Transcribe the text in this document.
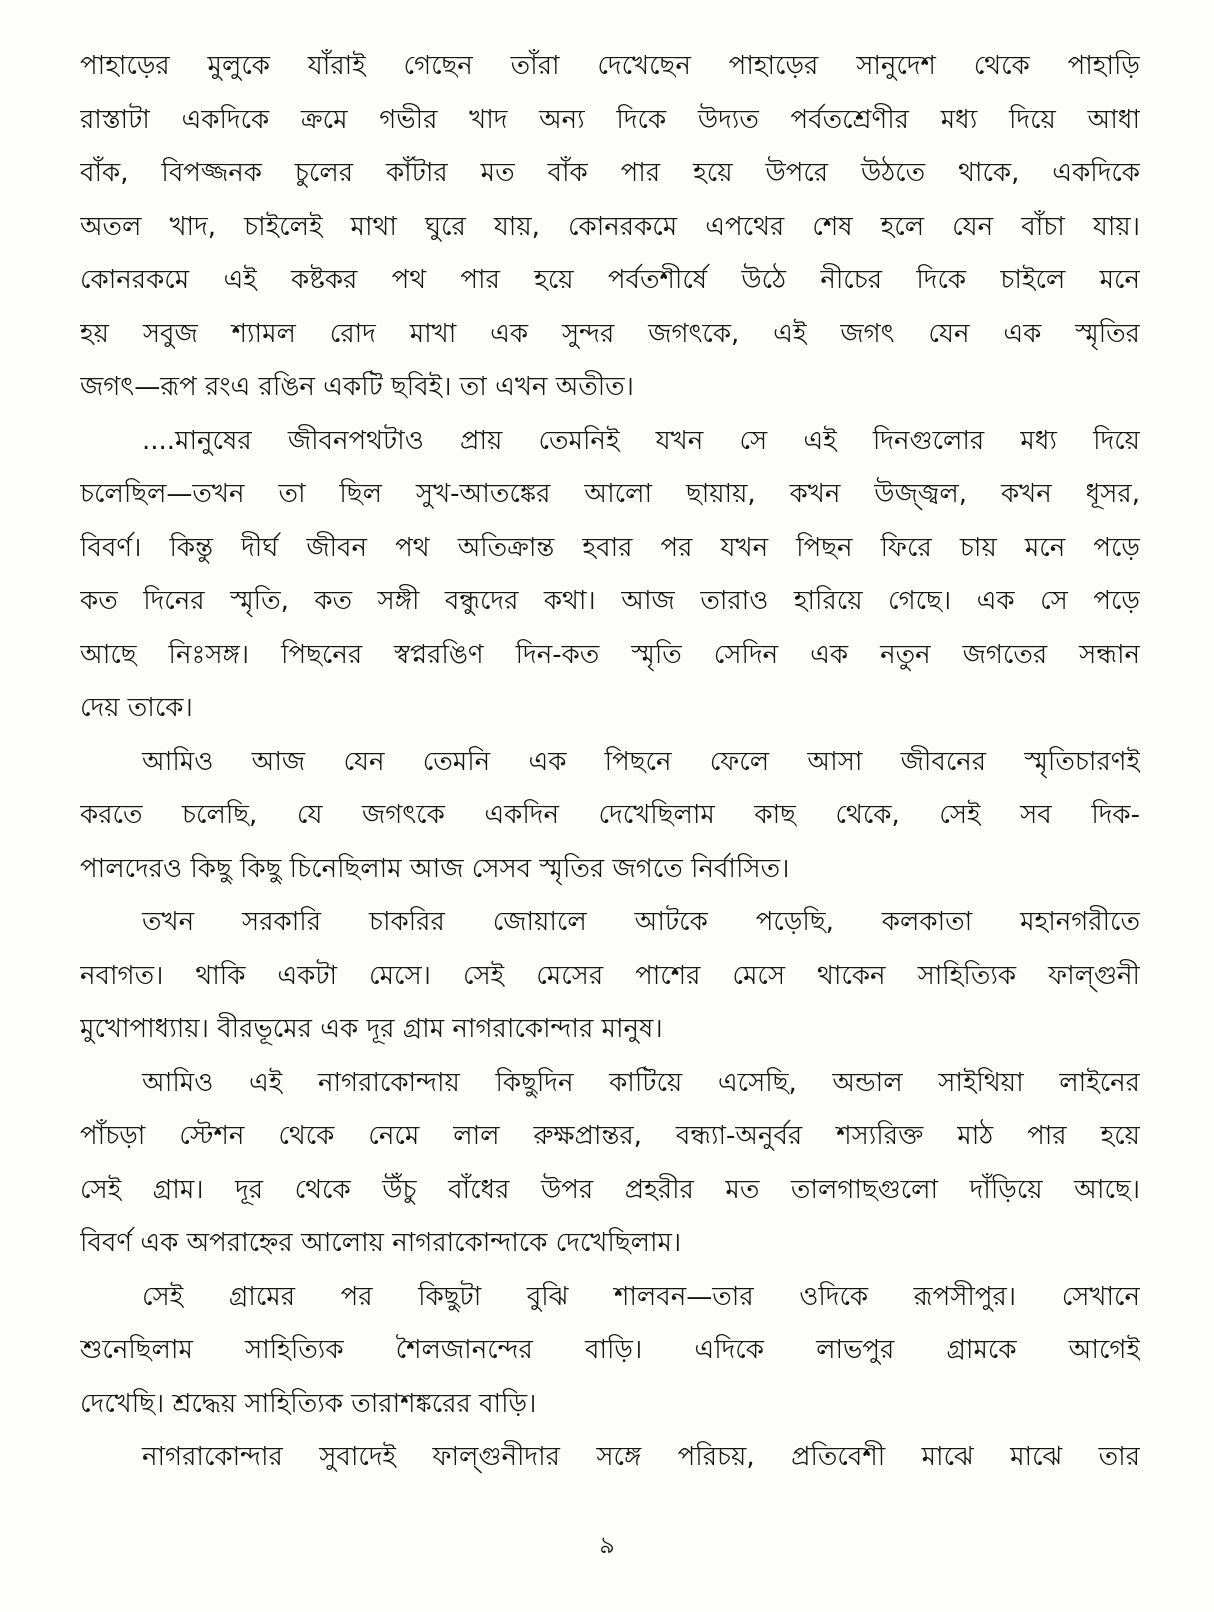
পাহাড়ের মুলুকে যাঁরাই গেছেন তাঁরা দেখেছেন পাহাড়ের সানুদেশ থেকে পাহাড়ি
রাস্তাটা একদিকে ক্রমে গভীর খাদ অন্য দিকে উদ্যত পর্বতশ্রেণীর মধ্য দিয়ে আধা
বাঁক, বিপজ্জনক চুলের কাঁটার মত বাঁক পার হয়ে উপরে উঠতে থাকে, একদিকে
অতল খাদ, চাইলেই মাথা ঘুরে যায়, কোনরকমে এপথের শেষ হলে যেন বাঁচা যায়।
কোনরকমে এই কষ্টকর পথ পার হয়ে পর্বতশীর্ষে উঠে নীচের দিকে চাইলে মনে
হয় সবুজ শ্যামল রোদ মাখা এক সুন্দর জগৎকে, এই জগৎ যেন এক স্মৃতির
জগৎ—রূপ রংএ রঙিন একটি ছবিই। তা এখন অতীত।
....মানুষের জীবনপথটাও প্রায় তেমনিই যখন সে এই দিনগুলোর মধ্য দিয়ে
চলেছিল—তখন তা ছিল সুখ-আতঙ্কের আলো ছায়ায়, কখন উজ্জ্বল, কখন ধূসর,
বিবর্ণ। কিন্তু দীর্ঘ জীবন পথ অতিক্রান্ত হবার পর যখন পিছন ফিরে চায় মনে পড়ে
কত দিনের স্মৃতি, কত সঙ্গী বন্ধুদের কথা। আজ তারাও হারিয়ে গেছে। এক সে পড়ে
আছে নিঃসঙ্গ। পিছনের স্বপ্নরঙিণ দিন-কত স্মৃতি সেদিন এক নতুন জগতের সন্ধান
দেয় তাকে।
আমিও আজ যেন তেমনি এক পিছনে ফেলে আসা জীবনের স্মৃতিচারণই
করতে চলেছি, যে জগৎকে একদিন দেখেছিলাম কাছ থেকে, সেই সব দিক-
পালদেরও কিছু কিছু চিনেছিলাম আজ সেসব স্মৃতির জগতে নির্বাসিত।
তখন সরকারি চাকরির জোয়ালে আটকে পড়েছি, কলকাতা মহানগরীতে
নবাগত। থাকি একটা মেসে। সেই মেসের পাশের মেসে থাকেন সাহিত্যিক ফাল্গুনী
মুখোপাধ্যায়। বীরভূমের এক দূর গ্রাম নাগরাকোন্দার মানুষ।
আমিও এই নাগরাকোন্দায় কিছুদিন কাটিয়ে এসেছি, অন্ডাল সাইথিয়া লাইনের
পাঁচড়া স্টেশন থেকে নেমে লাল রুক্ষপ্রান্তর, বন্ধ্যা-অনুর্বর শস্যরিক্ত মাঠ পার হয়ে
সেই গ্রাম। দূর থেকে উঁচু বাঁধের উপর প্রহরীর মত তালগাছগুলো দাঁড়িয়ে আছে।
বিবর্ণ এক অপরাহ্নের আলোয় নাগরাকোন্দাকে দেখেছিলাম।
সেই গ্রামের পর কিছুটা বুঝি শালবন—তার ওদিকে রূপসীপুর। সেখানে
শুনেছিলাম সাহিত্যিক শৈলজানন্দের বাড়ি। এদিকে লাভপুর গ্রামকে আগেই
দেখেছি। শ্রদ্ধেয় সাহিত্যিক তারাশঙ্করের বাড়ি।
নাগরাকোন্দার সুবাদেই ফাল্গুনীদার সঙ্গে পরিচয়, প্রতিবেশী মাঝে মাঝে তার
৯
